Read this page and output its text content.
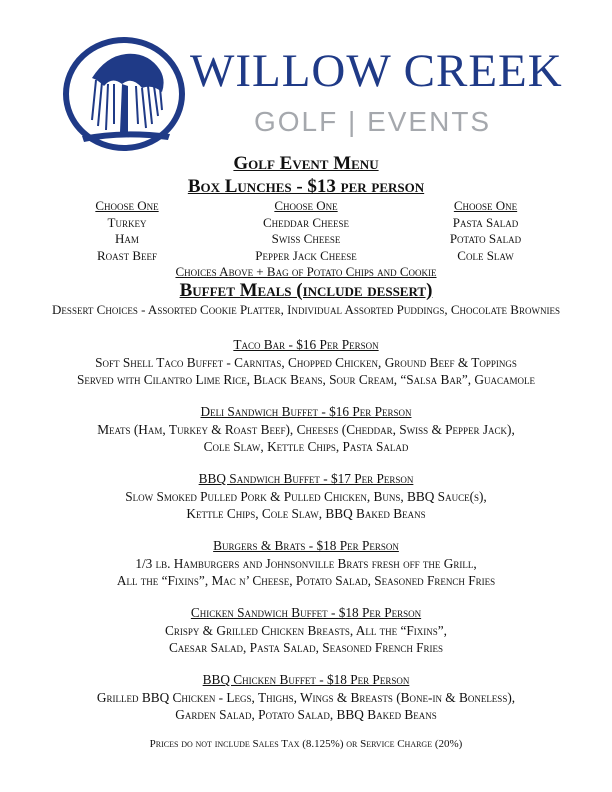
WILLOW CREEK
GOLF | EVENTS
Golf Event Menu
Box Lunches - $13 per person
Choose One
Turkey
Ham
Roast Beef
Choose One
Cheddar Cheese
Swiss Cheese
Pepper Jack Cheese
Choose One
Pasta Salad
Potato Salad
Cole Slaw
Choices Above + Bag of Potato Chips and Cookie
Buffet Meals (include dessert)
Dessert Choices - Assorted Cookie Platter, Individual Assorted Puddings, Chocolate Brownies
Taco Bar - $16 Per Person
Soft Shell Taco Buffet - Carnitas, Chopped Chicken, Ground Beef & Toppings
Served with Cilantro Lime Rice, Black Beans, Sour Cream, “Salsa Bar”, Guacamole
Deli Sandwich Buffet - $16 Per Person
Meats (Ham, Turkey & Roast Beef), Cheeses (Cheddar, Swiss & Pepper Jack),
Cole Slaw, Kettle Chips, Pasta Salad
BBQ Sandwich Buffet - $17 Per Person
Slow Smoked Pulled Pork & Pulled Chicken, Buns, BBQ Sauce(s),
Kettle Chips, Cole Slaw, BBQ Baked Beans
Burgers & Brats - $18 Per Person
1/3 lb. Hamburgers and Johnsonville Brats fresh off the Grill,
All the “Fixins”, Mac n’ Cheese, Potato Salad, Seasoned French Fries
Chicken Sandwich Buffet - $18 Per Person
Crispy & Grilled Chicken Breasts, All the “Fixins”,
Caesar Salad, Pasta Salad, Seasoned French Fries
BBQ Chicken Buffet - $18 Per Person
Grilled BBQ Chicken - Legs, Thighs, Wings & Breasts (Bone-in & Boneless),
Garden Salad, Potato Salad, BBQ Baked Beans
Prices do not include Sales Tax (8.125%) or Service Charge (20%)
